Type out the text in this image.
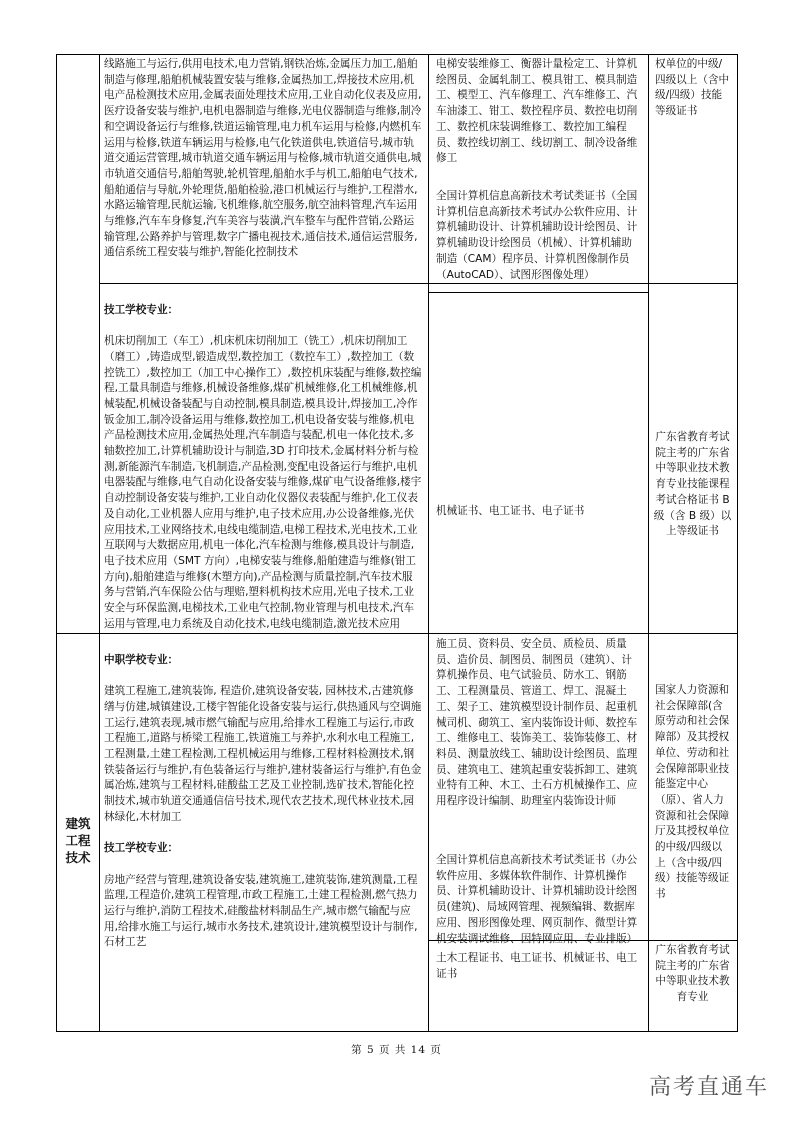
线路施工与运行,供用电技术,电力营销,钢铁冶炼,金属压力加工,船舶制造与修理,船舶机械装置安装与维修,金属热加工,焊接技术应用,机电产品检测技术应用,金属表面处理技术应用,工业自动化仪表及应用,医疗设备安装与维护,电机电器制造与维修,光电仪器制造与维修,制冷和空调设备运行与维修,铁道运输管理,电力机车运用与检修,内燃机车运用与检修,铁道车辆运用与检修,电气化铁道供电,铁道信号,城市轨道交通运营管理,城市轨道交通车辆运用与检修,城市轨道交通供电,城市轨道交通信号,船舶驾驶,轮机管理,船舶水手与机工,船舶电气技术,船舶通信与导航,外轮理货,船舶检验,港口机械运行与维护,工程潜水,水路运输管理,民航运输,飞机维修,航空服务,航空油料管理,汽车运用与维修,汽车车身修复,汽车美容与装潢,汽车整车与配件营销,公路运输管理,公路养护与管理,数字广播电视技术,通信技术,通信运营服务,通信系统工程安装与维护,智能化控制技术

技工学校专业：

机床切削加工（车工）,机床机床切削加工（铣工）,机床切削加工（磨工）,铸造成型,锻造成型,数控加工（数控车工）,数控加工（数控铣工）,数控加工（加工中心操作工）,数控机床装配与维修,数控编程,工量具制造与维修,机械设备维修,煤矿机械维修,化工机械维修,机械装配,机械设备装配与自动控制,模具制造,模具设计,焊接加工,冷作钣金加工,制冷设备运用与维修,数控加工,机电设备安装与维修,机电产品检测技术应用,金属热处理,汽车制造与装配,机电一体化技术,多轴数控加工,计算机辅助设计与制造,3D 打印技术,金属材料分析与检测,新能源汽车制造,飞机制造,产品检测,变配电设备运行与维护,电机电器装配与维修,电气自动化设备安装与维修,煤矿电气设备维修,楼宇自动控制设备安装与维护,工业自动化仪器仪表装配与维护,化工仪表及自动化,工业机器人应用与维护,电子技术应用,办公设备维修,光伏应用技术,工业网络技术,电线电缆制造,电梯工程技术,光电技术,工业互联网与大数据应用,机电一体化,汽车检测与维修,模具设计与制造,电子技术应用（SMT 方向）,电梯安装与维修,船舶建造与维修(钳工方向),船舶建造与维修(木塑方向),产品检测与质量控制,汽车技术服务与营销,汽车保险公估与理赔,塑料机构技术应用,光电子技术,工业安全与环保监测,电梯技术,工业电气控制,物业管理与机电技术,汽车运用与管理,电力系统及自动化技术,电线电缆制造,激光技术应用

电梯安装维修工、衡器计量检定工、计算机绘图员、金属轧制工、模具钳工、模具制造工、模型工、汽车修理工、汽车维修工、汽车油漆工、钳工、数控程序员、数控电切削工、数控机床装调维修工、数控加工编程员、数控线切割工、线切割工、制冷设备维修工
全国计算机信息高新技术考试类证书（全国计算机信息高新技术考试办公软件应用、计算机辅助设计、计算机辅助设计绘图员、计算机辅助设计绘图员（机械）、计算机辅助制造（CAM）程序员、计算机图像制作员（AutoCAD）、试图形图像处理）
机械证书、电工证书、电子证书
权单位的中级/四级以上（含中级/四级）技能等级证书
广东省教育考试院主考的广东省中等职业技术教育专业技能课程考试合格证书 B 级（含 B 级）以上等级证书
建筑
工程
技术

中职学校专业：

建筑工程施工,建筑装饰, 程造价,建筑设备安装, 园林技术,古建筑修缮与仿建,城镇建设,工楼宇智能化设备安装与运行,供热通风与空调施工运行,建筑表现,城市燃气输配与应用,给排水工程施工与运行,市政工程施工,道路与桥梁工程施工,铁道施工与养护,水利水电工程施工,工程测量,土建工程检测,工程机械运用与维修,工程材料检测技术,钢铁装备运行与维护,有色装备运行与维护,建材装备运行与维护,有色金属冶炼,建筑与工程材料,硅酸盐工艺及工业控制,选矿技术,智能化控制技术,城市轨道交通通信信号技术,现代农艺技术,现代林业技术,园林绿化,木材加工

技工学校专业：

房地产经营与管理,建筑设备安装,建筑施工,建筑装饰,建筑测量,工程监理,工程造价,建筑工程管理,市政工程施工,土建工程检测,燃气热力运行与维护,消防工程技术,硅酸盐材料制品生产,城市燃气输配与应用,给排水施工与运行,城市水务技术,建筑设计,建筑模型设计与制作,石材工艺

施工员、资料员、安全员、质检员、质量员、造价员、制图员、制图员（建筑）、计算机操作员、电气试验员、防水工、钢筋工、工程测量员、管道工、焊工、混凝土工、架子工、建筑模型设计制作员、起重机械司机、砌筑工、室内装饰设计师、数控车工、维修电工、装饰美工、装饰装修工、材料员、测量放线工、辅助设计绘图员、监理员、建筑电工、建筑起重安装拆卸工、建筑业特有工种、木工、土石方机械操作工、应用程序设计编制、助理室内装饰设计师
全国计算机信息高新技术考试类证书（办公软件应用、多媒体软件制作、计算机操作员、计算机辅助设计、计算机辅助设计绘图员(建筑)、局域网管理、视频编辑、数据库应用、图形图像处理、网页制作、微型计算机安装调试维修、因特网应用、专业排版）
土木工程证书、电工证书、机械证书、电工证书
国家人力资源和社会保障部(含原劳动和社会保障部）及其授权单位、劳动和社会保障部职业技能鉴定中心（原）、省人力资源和社会保障厅及其授权单位的中级/四级以上（含中级/四级）技能等级证书
广东省教育考试院主考的广东省中等职业技术教育专业
第 5 页 共 14 页
高考直通车
